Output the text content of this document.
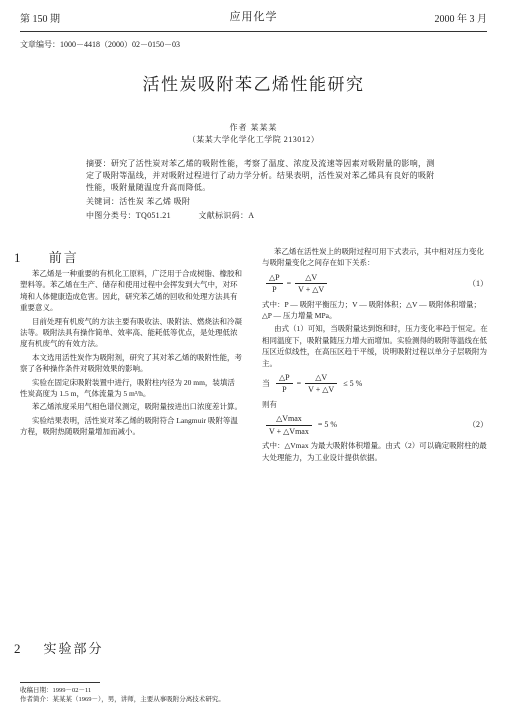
第 150 期	应用化学	2000 年 3 月
文章编号：1000－4418（2000）02－0150－03
活性炭吸附苯乙烯性能研究
作者 某某某
（某某大学化学化工学院 213012）

摘要：研究了活性炭对苯乙烯的吸附性能，考察了温度、浓度及流速等因素对吸附量的影响，测定了吸附等温线，并对吸附过程进行了动力学分析。结果表明，活性炭对苯乙烯具有良好的吸附性能，吸附量随温度升高而降低。

关键词：活性炭 苯乙烯 吸附

中图分类号：TQ051.21	文献标识码：A

1 前言

苯乙烯是一种重要的有机化工原料，广泛用于合成树脂、橡胶和塑料等。苯乙烯在生产、储存和使用过程中会挥发到大气中，对环境和人体健康造成危害。因此，研究苯乙烯的回收和处理方法具有重要意义。

目前处理有机废气的方法主要有吸收法、吸附法、燃烧法和冷凝法等。吸附法具有操作简单、效率高、能耗低等优点，是处理低浓度有机废气的有效方法。

本文选用活性炭作为吸附剂，研究了其对苯乙烯的吸附性能，考察了各种操作条件对吸附效果的影响。

实验在固定床吸附装置中进行，吸附柱内径为 20 mm，装填活性炭高度为 1.5 m，气体流量为 5 m³/h。

苯乙烯浓度采用气相色谱仪测定，吸附量按进出口浓度差计算。

实验结果表明，活性炭对苯乙烯的吸附符合 Langmuir 吸附等温方程，吸附热随吸附量增加而减小。

2 实验部分

苯乙烯在活性炭上的吸附过程可用下式表示，其中相对压力变化与吸附量变化之间存在如下关系：

$\frac{\triangle P}{P} = \frac{\triangle V}{V + \triangle V}$	（1）

式中：P — 吸附平衡压力；V — 吸附体积；△V — 吸附体积增量；△P — 压力增量 MPa。

由式（1）可知，当吸附量达到饱和时，压力变化率趋于恒定。在相同温度下，吸附量随压力增大而增加。实验测得的吸附等温线在低压区近似线性，在高压区趋于平缓，说明吸附过程以单分子层吸附为主。

当 $\frac{\triangle P}{P} = \frac{\triangle V}{V + \triangle V} \le 5$ %

则有

$\frac{\triangle Vmax}{V + \triangle Vmax} = 5$ %	（2）

式中：△Vmax 为最大吸附体积增量。由式（2）可以确定吸附柱的最大处理能力，为工业设计提供依据。

收稿日期：1999－02－11
作者简介：某某某（1969－），男，讲师，主要从事吸附分离技术研究。
